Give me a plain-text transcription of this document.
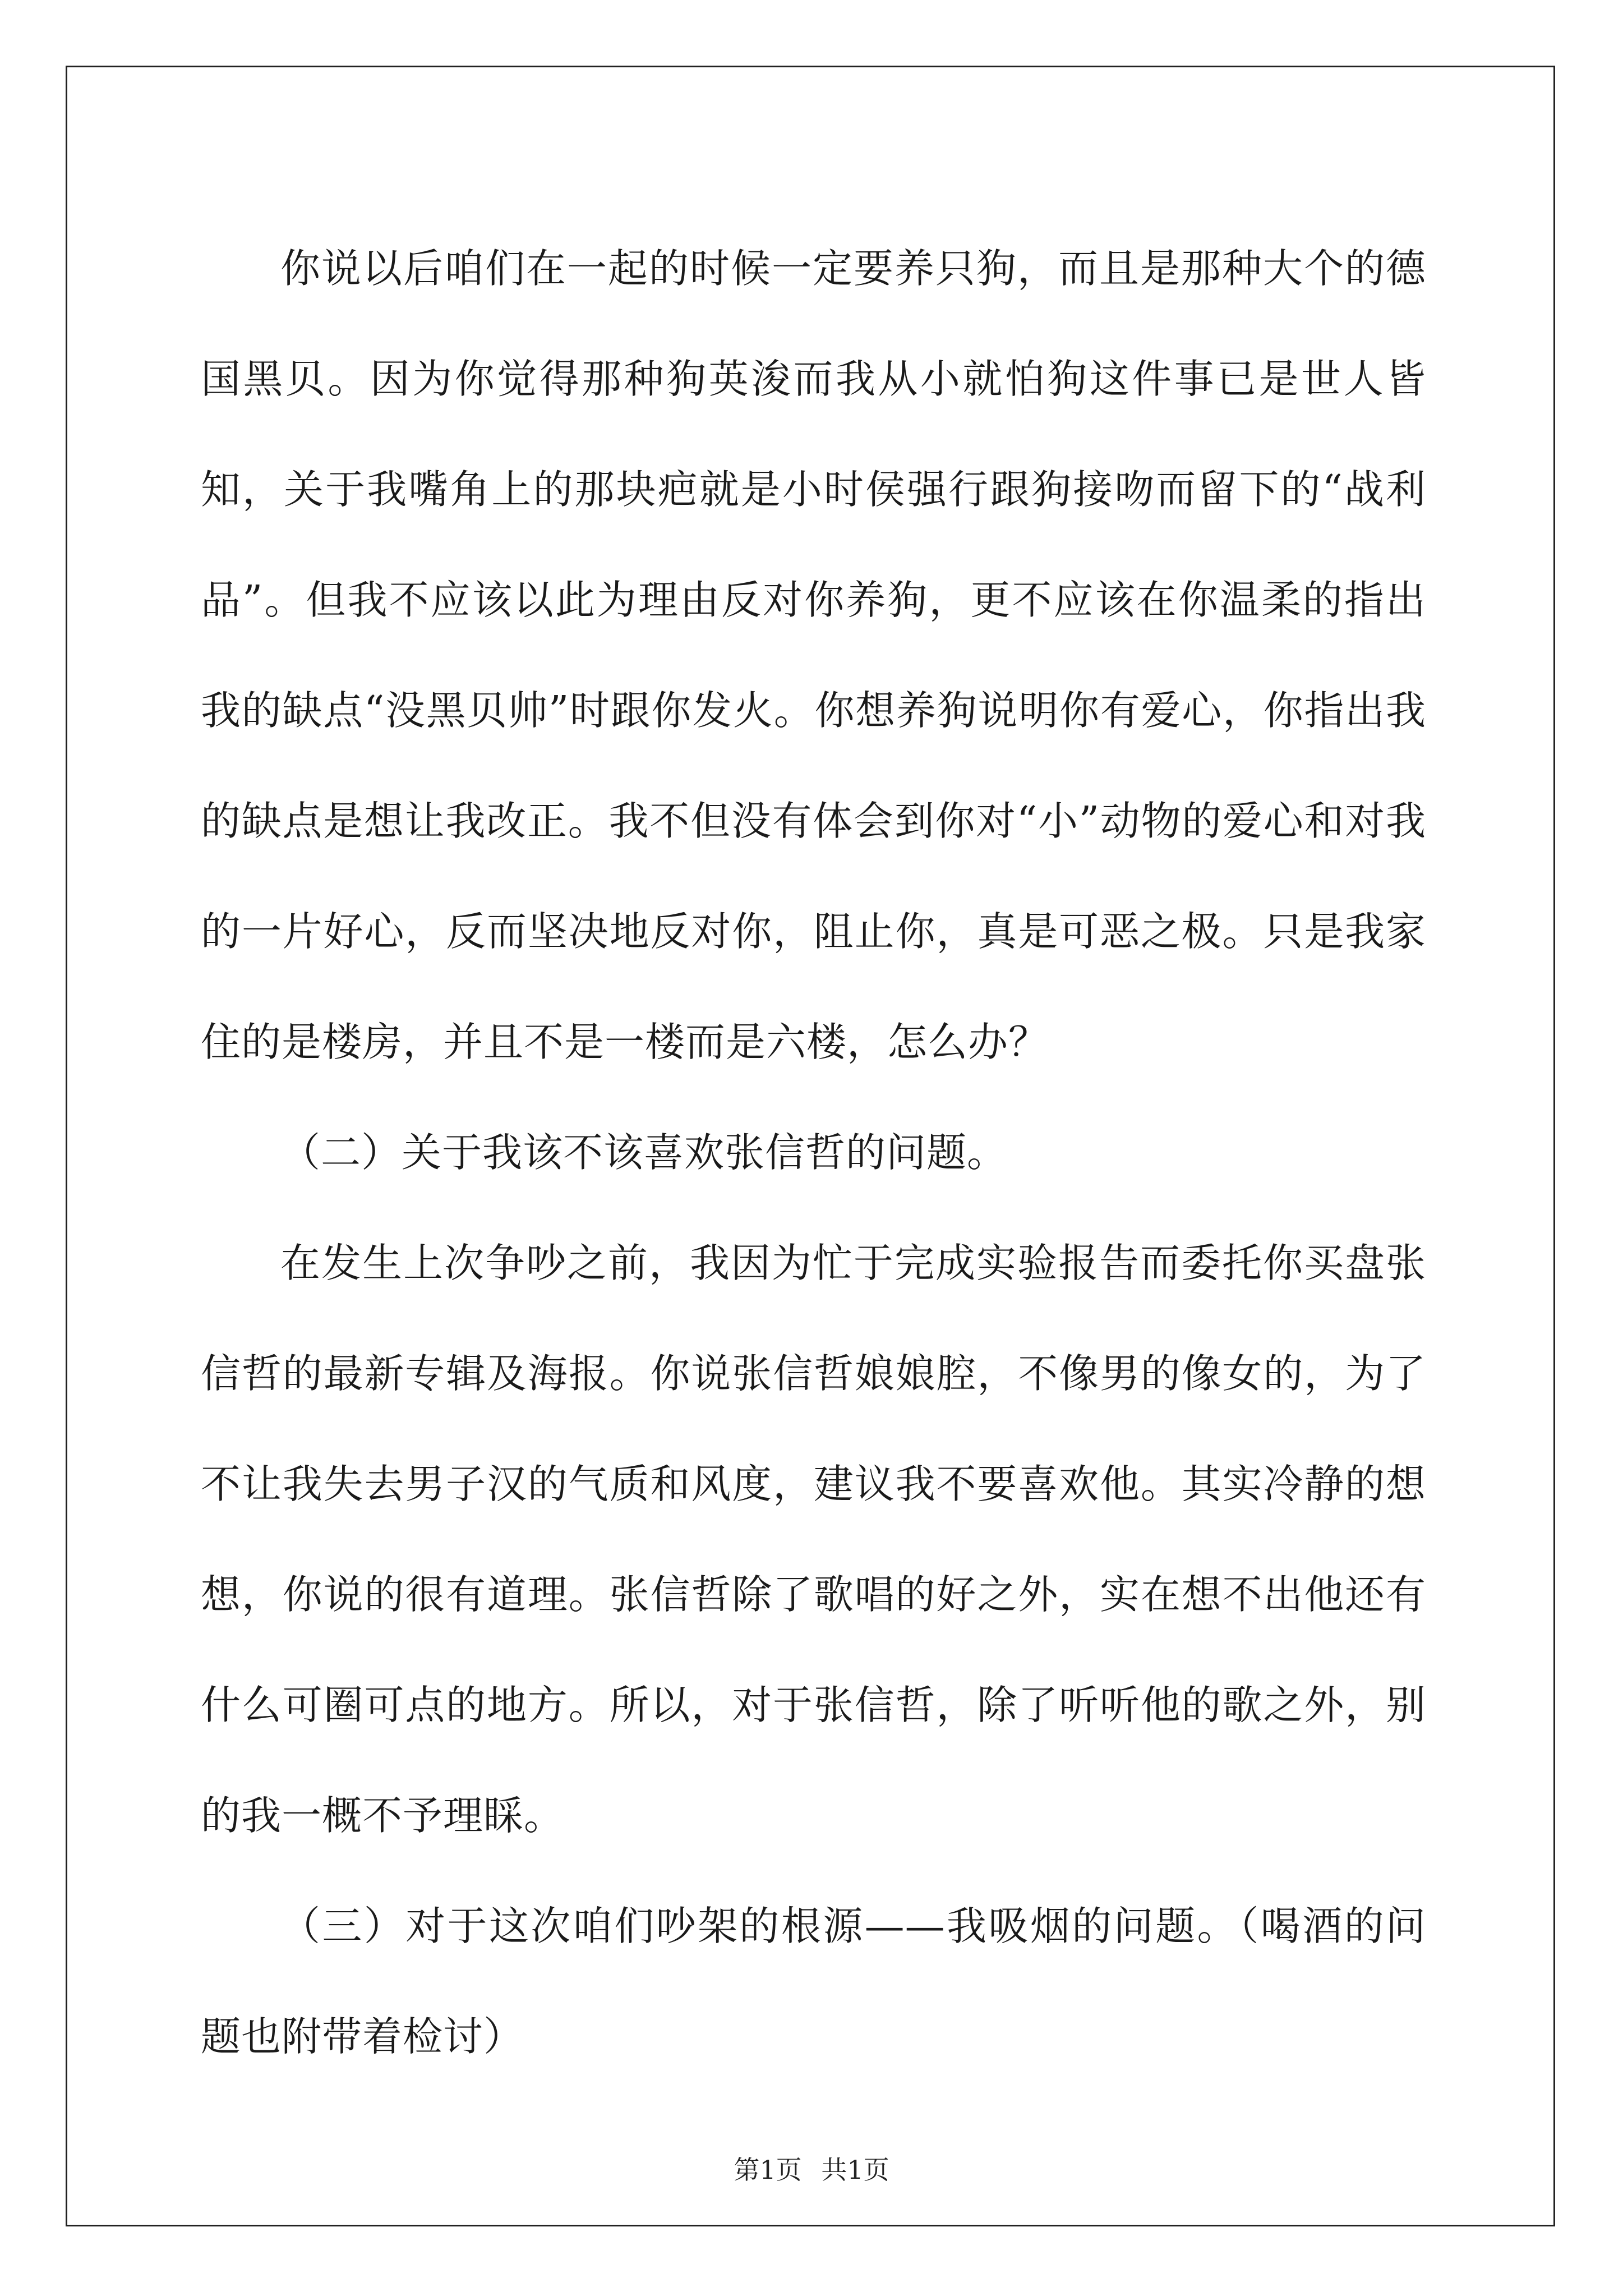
你说以后咱们在一起的时候一定要养只狗，而且是那种大个的德国黑贝。因为你觉得那种狗英浚而我从小就怕狗这件事已是世人皆知，关于我嘴角上的那块疤就是小时侯强行跟狗接吻而留下的“战利品”。但我不应该以此为理由反对你养狗，更不应该在你温柔的指出我的缺点“没黑贝帅”时跟你发火。你想养狗说明你有爱心，你指出我的缺点是想让我改正。我不但没有体会到你对“小”动物的爱心和对我的一片好心，反而坚决地反对你，阻止你，真是可恶之极。只是我家住的是楼房，并且不是一楼而是六楼，怎么办？

（二）关于我该不该喜欢张信哲的问题。

在发生上次争吵之前，我因为忙于完成实验报告而委托你买盘张信哲的最新专辑及海报。你说张信哲娘娘腔，不像男的像女的，为了不让我失去男子汉的气质和风度，建议我不要喜欢他。其实冷静的想想，你说的很有道理。张信哲除了歌唱的好之外，实在想不出他还有什么可圈可点的地方。所以，对于张信哲，除了听听他的歌之外，别的我一概不予理睬。

（三）对于这次咱们吵架的根源——我吸烟的问题。（喝酒的问题也附带着检讨）

第1页 共1页
